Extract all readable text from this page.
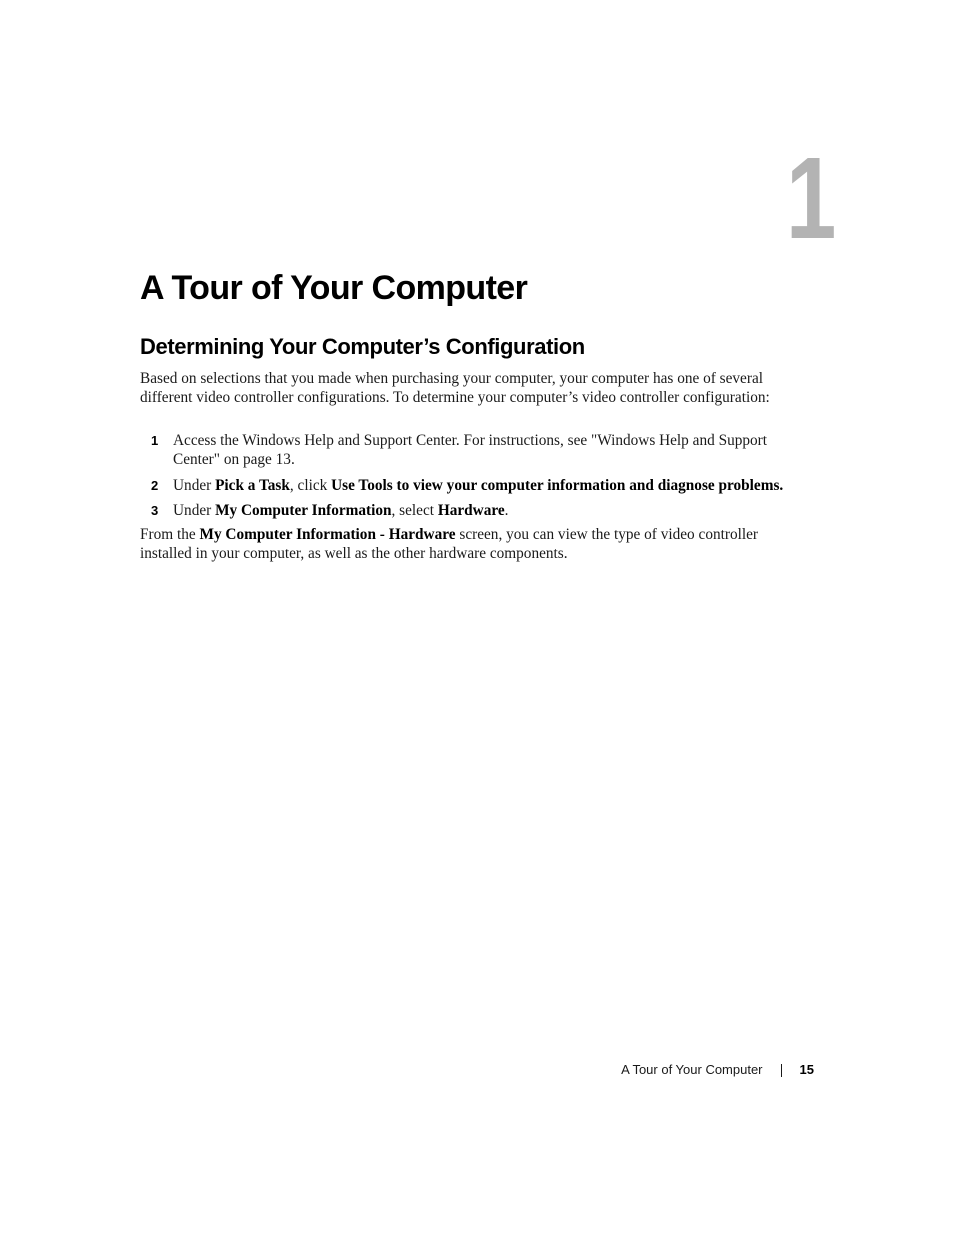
1
A Tour of Your Computer
Determining Your Computer’s Configuration

Based on selections that you made when purchasing your computer, your computer has one of several different video controller configurations. To determine your computer’s video controller configuration:

1 Access the Windows Help and Support Center. For instructions, see "Windows Help and Support Center" on page 13.
2 Under Pick a Task, click Use Tools to view your computer information and diagnose problems.
3 Under My Computer Information, select Hardware.

From the My Computer Information - Hardware screen, you can view the type of video controller installed in your computer, as well as the other hardware components.

A Tour of Your Computer	15
